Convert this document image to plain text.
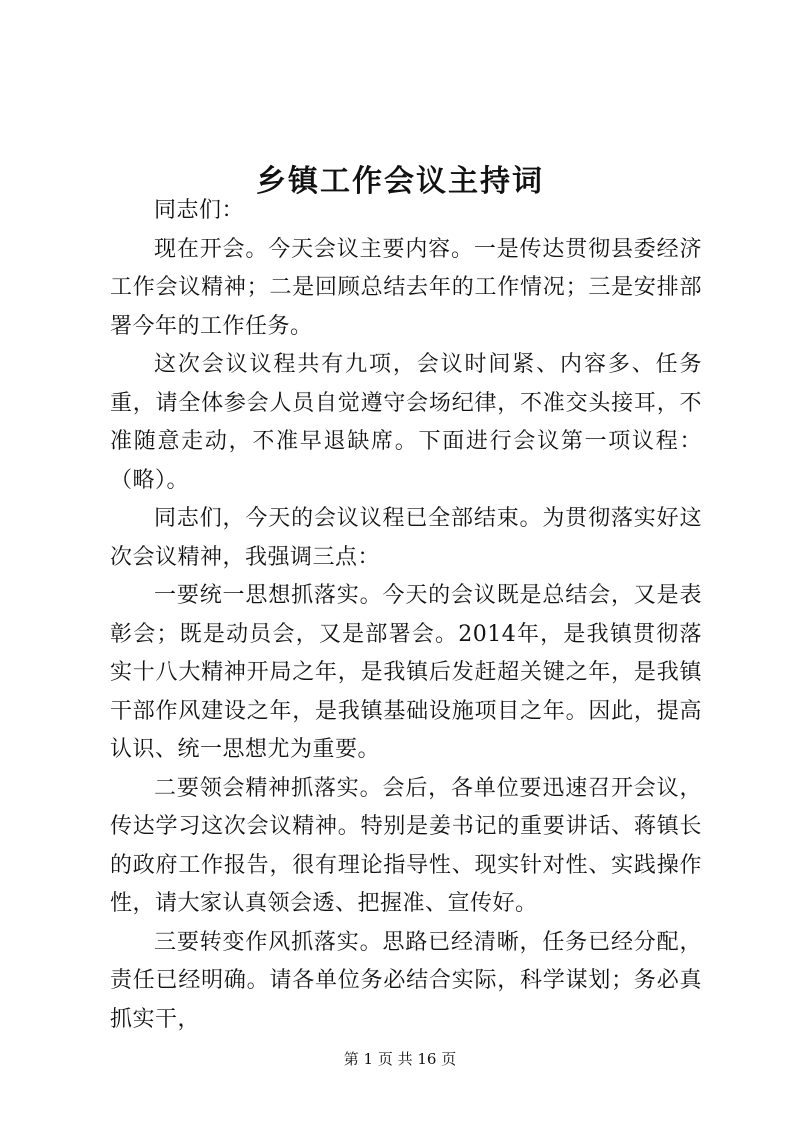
乡镇工作会议主持词

同志们：

现在开会。今天会议主要内容。一是传达贯彻县委经济工作会议精神；二是回顾总结去年的工作情况；三是安排部署今年的工作任务。

这次会议议程共有九项，会议时间紧、内容多、任务重，请全体参会人员自觉遵守会场纪律，不准交头接耳，不准随意走动，不准早退缺席。下面进行会议第一项议程：（略）。

同志们，今天的会议议程已全部结束。为贯彻落实好这次会议精神，我强调三点：

一要统一思想抓落实。今天的会议既是总结会，又是表彰会；既是动员会，又是部署会。2014年，是我镇贯彻落实十八大精神开局之年，是我镇后发赶超关键之年，是我镇干部作风建设之年，是我镇基础设施项目之年。因此，提高认识、统一思想尤为重要。

二要领会精神抓落实。会后，各单位要迅速召开会议，传达学习这次会议精神。特别是姜书记的重要讲话、蒋镇长的政府工作报告，很有理论指导性、现实针对性、实践操作性，请大家认真领会透、把握准、宣传好。

三要转变作风抓落实。思路已经清晰，任务已经分配，责任已经明确。请各单位务必结合实际，科学谋划；务必真抓实干，

第 1 页 共 16 页
